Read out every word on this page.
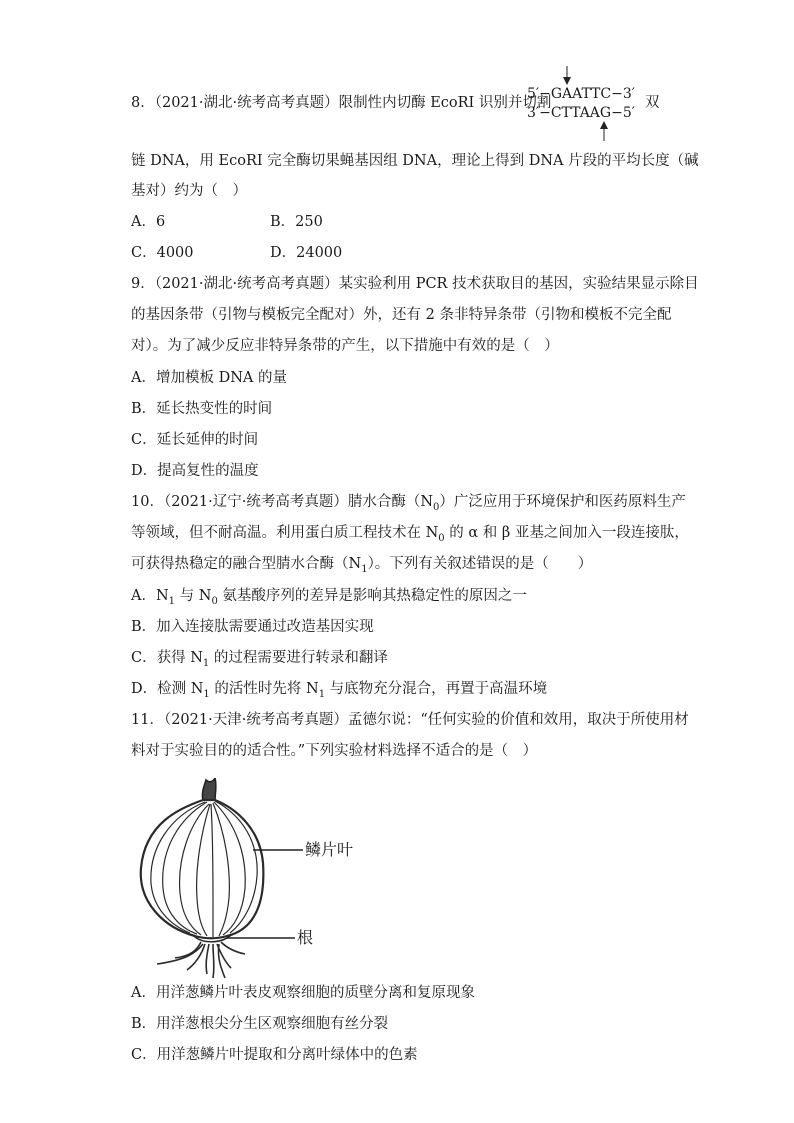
8．（2021·湖北·统考高考真题）限制性内切酶 EcoRI 识别并切割
5′−GAATTC−3′
3′−CTTAAG−5′
双
链 DNA，用 EcoRI 完全酶切果蝇基因组 DNA，理论上得到 DNA 片段的平均长度（碱
基对）约为（　）
A．6	B．250
C．4000	D．24000
9．（2021·湖北·统考高考真题）某实验利用 PCR 技术获取目的基因，实验结果显示除目
的基因条带（引物与模板完全配对）外，还有 2 条非特异条带（引物和模板不完全配
对）。为了减少反应非特异条带的产生，以下措施中有效的是（　）
A．增加模板 DNA 的量
B．延长热变性的时间
C．延长延伸的时间
D．提高复性的温度
10．（2021·辽宁·统考高考真题）腈水合酶$(N_0)$广泛应用于环境保护和医药原料生产
等领域，但不耐高温。利用蛋白质工程技术在 $N_0$ 的 α 和 β 亚基之间加入一段连接肽，
可获得热稳定的融合型腈水合酶$(N_1)$。下列有关叙述错误的是（　　）
A．$N_1$ 与 $N_0$ 氨基酸序列的差异是影响其热稳定性的原因之一
B．加入连接肽需要通过改造基因实现
C．获得 $N_1$ 的过程需要进行转录和翻译
D．检测 $N_1$ 的活性时先将 $N_1$ 与底物充分混合，再置于高温环境
11．（2021·天津·统考高考真题）孟德尔说：“任何实验的价值和效用，取决于所使用材
料对于实验目的的适合性。”下列实验材料选择不适合的是（　）
鳞片叶
根
A．用洋葱鳞片叶表皮观察细胞的质壁分离和复原现象
B．用洋葱根尖分生区观察细胞有丝分裂
C．用洋葱鳞片叶提取和分离叶绿体中的色素
